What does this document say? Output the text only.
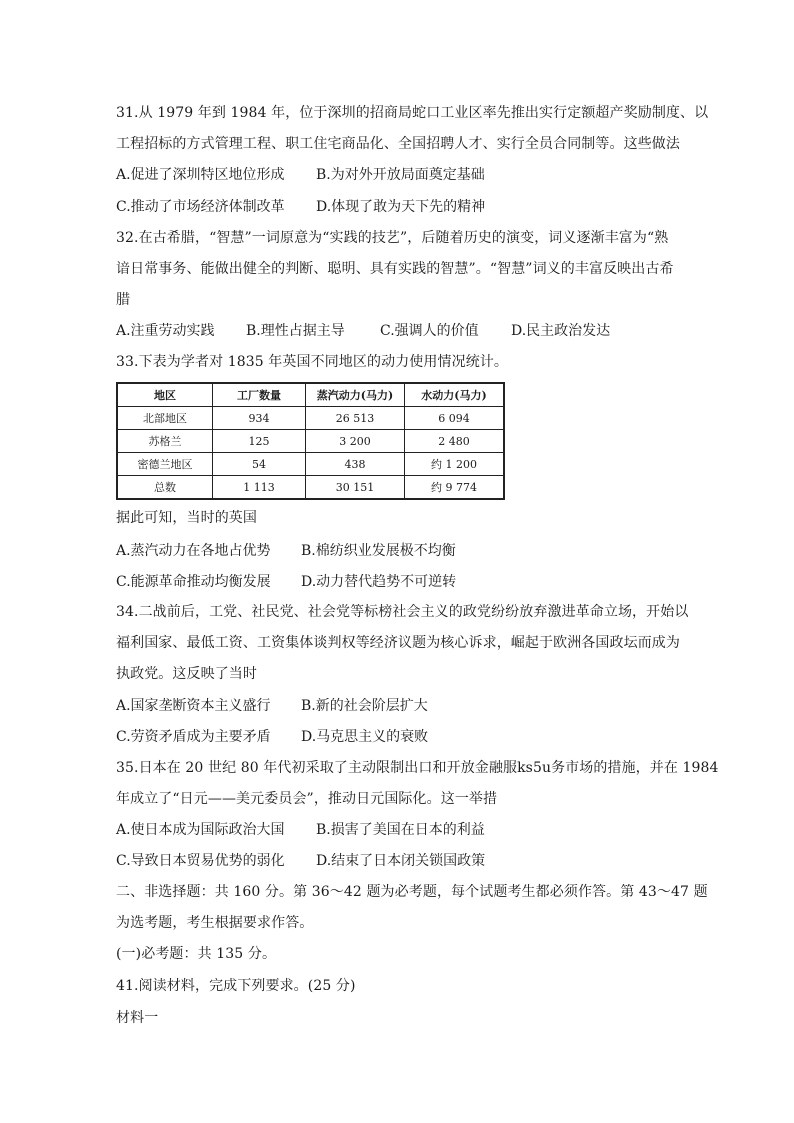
31.从 1979 年到 1984 年，位于深圳的招商局蛇口工业区率先推出实行定额超产奖励制度、以
工程招标的方式管理工程、职工住宅商品化、全国招聘人才、实行全员合同制等。这些做法
A.促进了深圳特区地位形成 B.为对外开放局面奠定基础
C.推动了市场经济体制改革 D.体现了敢为天下先的精神
32.在古希腊，“智慧”一词原意为“实践的技艺”，后随着历史的演变，词义逐渐丰富为“熟
谙日常事务、能做出健全的判断、聪明、具有实践的智慧”。“智慧”词义的丰富反映出古希
腊
A.注重劳动实践 B.理性占据主导	C.强调人的价值 D.民主政治发达
33.下表为学者对 1835 年英国不同地区的动力使用情况统计。
地区	工厂数量	蒸汽动力(马力)	水动力(马力)
北部地区	934	26 513	6 094
苏格兰	125	3 200	2 480
密德兰地区	54	438	约 1 200
总数	1 113	30 151	约 9 774
据此可知，当时的英国
A.蒸汽动力在各地占优势 B.棉纺织业发展极不均衡
C.能源革命推动均衡发展 D.动力替代趋势不可逆转
34.二战前后，工党、社民党、社会党等标榜社会主义的政党纷纷放弃激进革命立场，开始以
福利国家、最低工资、工资集体谈判权等经济议题为核心诉求，崛起于欧洲各国政坛而成为
执政党。这反映了当时
A.国家垄断资本主义盛行 B.新的社会阶层扩大
C.劳资矛盾成为主要矛盾 D.马克思主义的衰败
35.日本在 20 世纪 80 年代初采取了主动限制出口和开放金融服ks5u务市场的措施，并在 1984
年成立了“日元——美元委员会”，推动日元国际化。这一举措
A.使日本成为国际政治大国 B.损害了美国在日本的利益
C.导致日本贸易优势的弱化 D.结束了日本闭关锁国政策
二、非选择题：共 160 分。第 36～42 题为必考题，每个试题考生都必须作答。第 43～47 题
为选考题，考生根据要求作答。
(一)必考题：共 135 分。
41.阅读材料，完成下列要求。(25 分)
材料一
